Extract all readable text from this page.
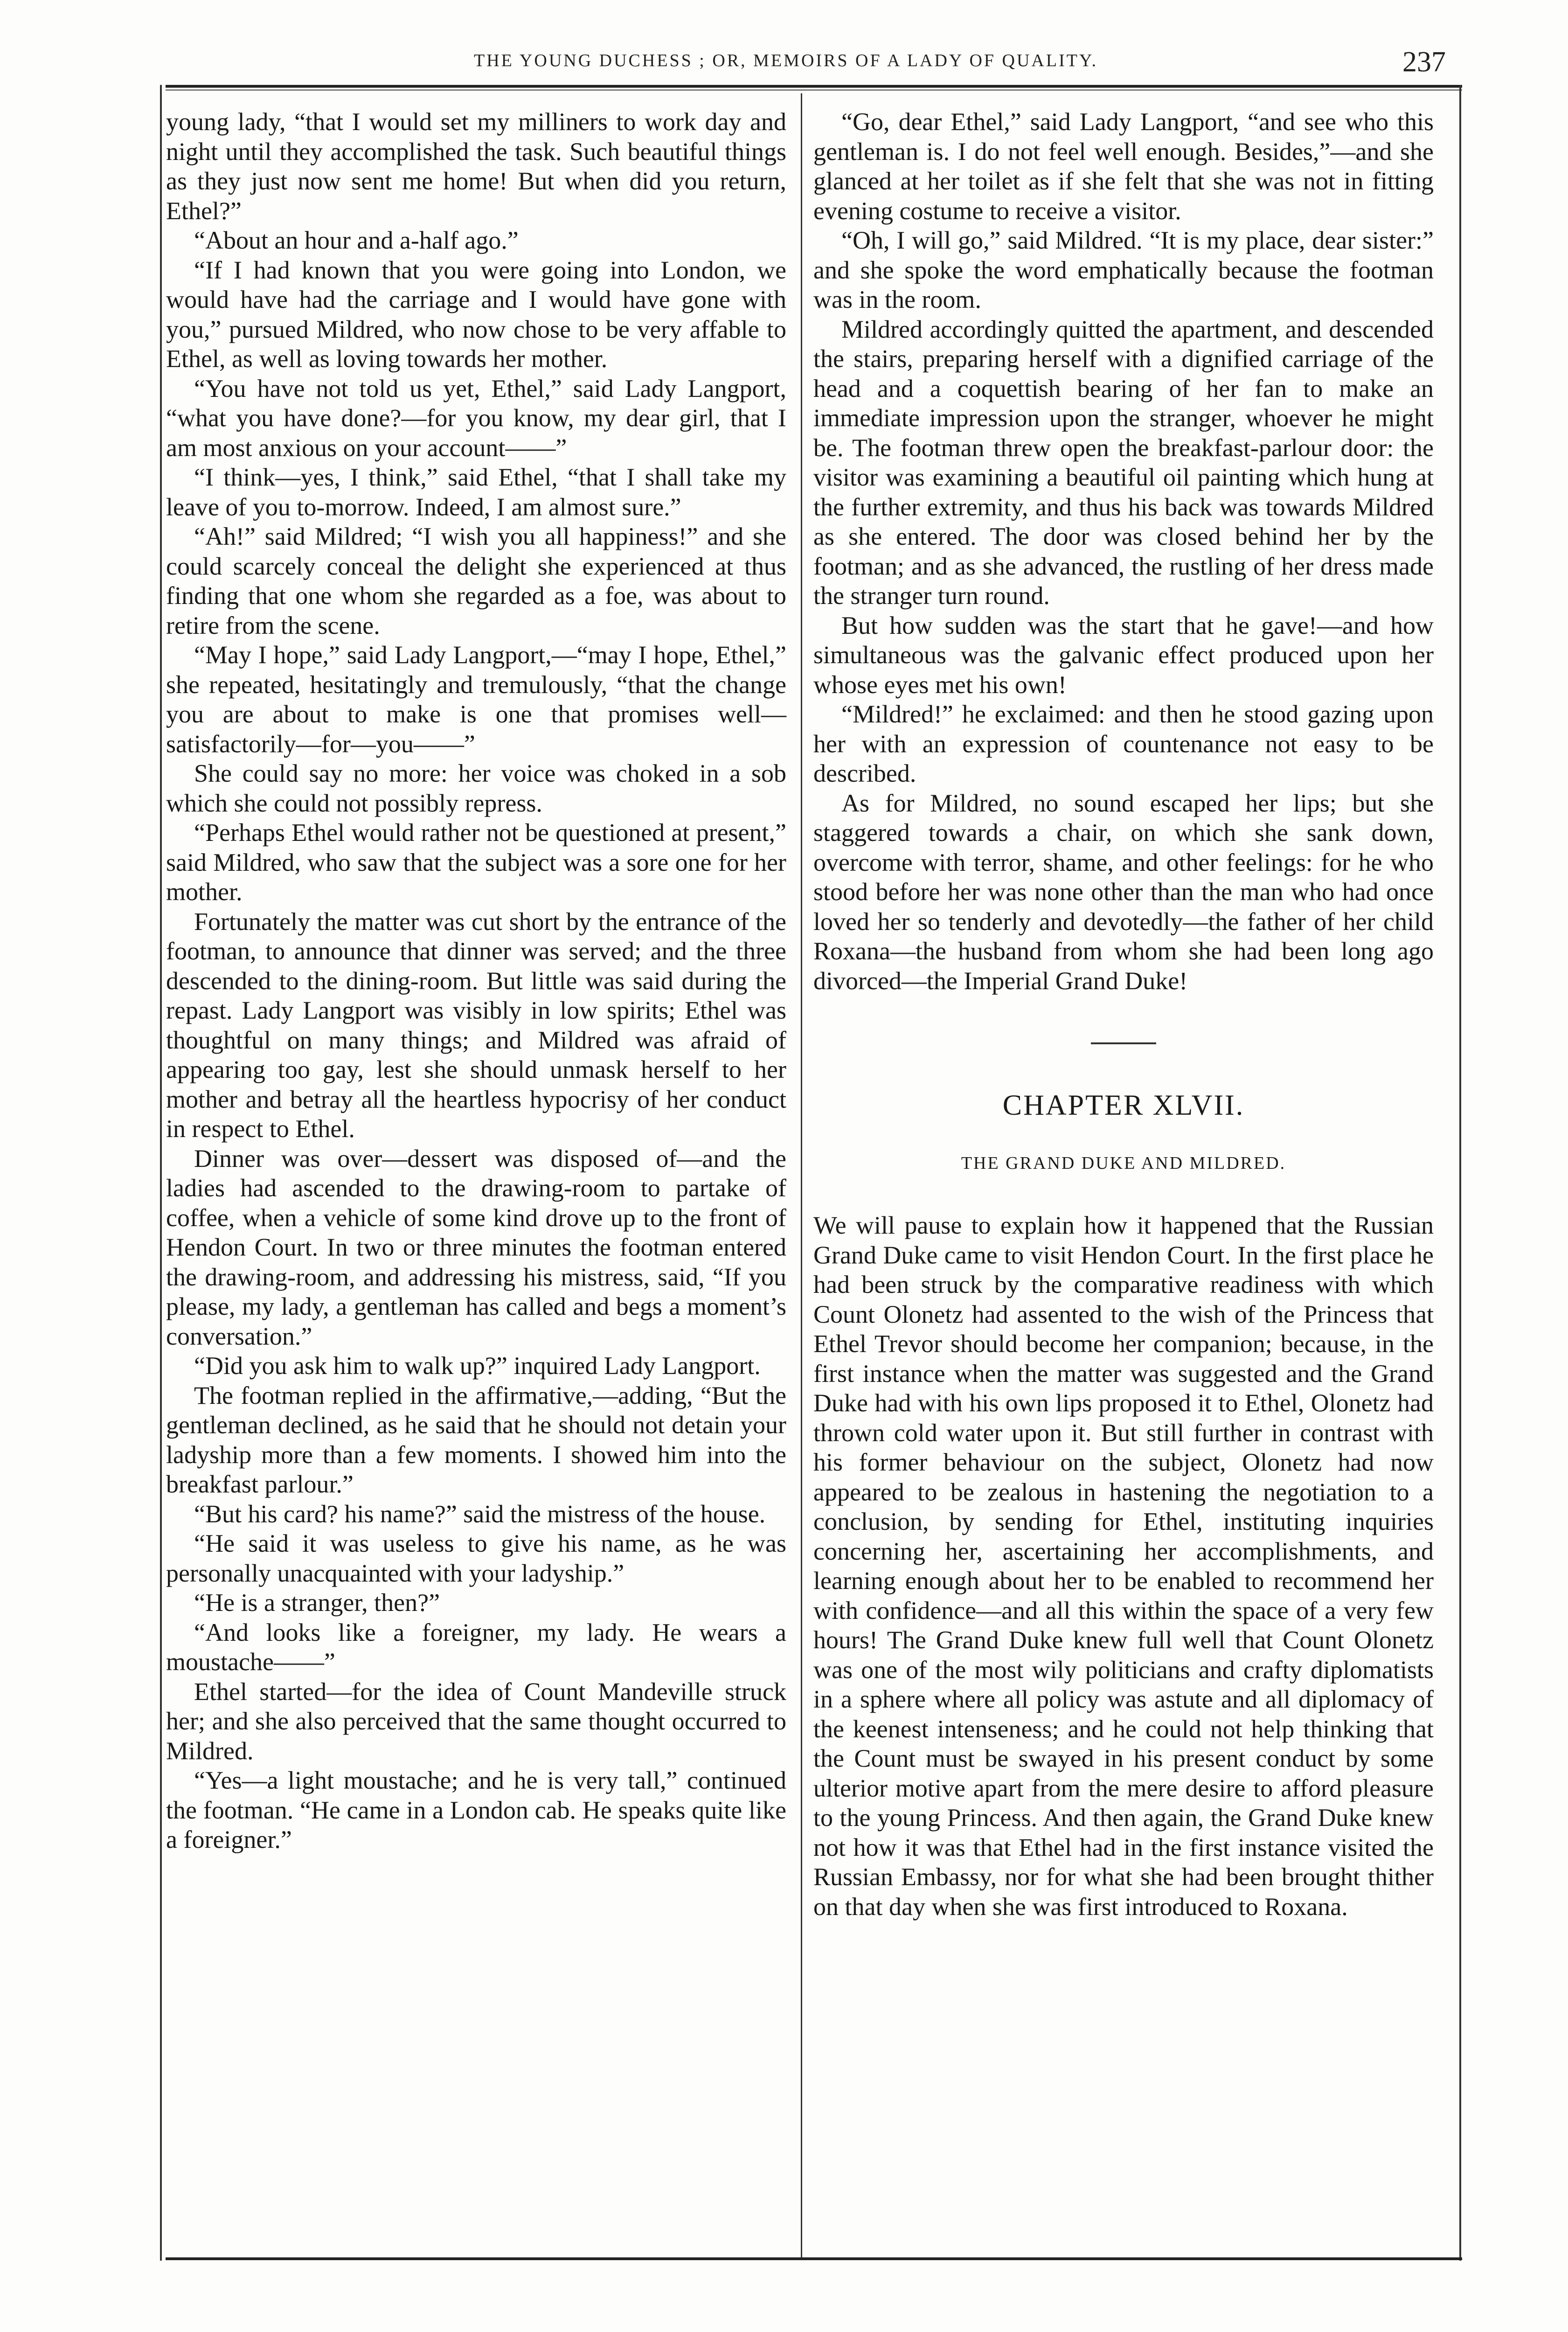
THE YOUNG DUCHESS ; OR, MEMOIRS OF A LADY OF QUALITY.	237

young lady, “that I would set my milliners to work day and night until they accomplished the task. Such beautiful things as they just now sent me home! But when did you return, Ethel?”

“About an hour and a-half ago.”

“If I had known that you were going into London, we would have had the carriage and I would have gone with you,” pursued Mildred, who now chose to be very affable to Ethel, as well as loving towards her mother.

“You have not told us yet, Ethel,” said Lady Langport, “what you have done?—for you know, my dear girl, that I am most anxious on your account——”

“I think—yes, I think,” said Ethel, “that I shall take my leave of you to-morrow. Indeed, I am almost sure.”

“Ah!” said Mildred; “I wish you all happiness!” and she could scarcely conceal the delight she experienced at thus finding that one whom she regarded as a foe, was about to retire from the scene.

“May I hope,” said Lady Langport,—“may I hope, Ethel,” she repeated, hesitatingly and tremulously, “that the change you are about to make is one that promises well—satisfactorily—for—you——”

She could say no more: her voice was choked in a sob which she could not possibly repress.

“Perhaps Ethel would rather not be questioned at present,” said Mildred, who saw that the subject was a sore one for her mother.

Fortunately the matter was cut short by the entrance of the footman, to announce that dinner was served; and the three descended to the dining-room. But little was said during the repast. Lady Langport was visibly in low spirits; Ethel was thoughtful on many things; and Mildred was afraid of appearing too gay, lest she should unmask herself to her mother and betray all the heartless hypocrisy of her conduct in respect to Ethel.

Dinner was over—dessert was disposed of—and the ladies had ascended to the drawing-room to partake of coffee, when a vehicle of some kind drove up to the front of Hendon Court. In two or three minutes the footman entered the drawing-room, and addressing his mistress, said, “If you please, my lady, a gentleman has called and begs a moment’s conversation.”

“Did you ask him to walk up?” inquired Lady Langport.

The footman replied in the affirmative,—adding, “But the gentleman declined, as he said that he should not detain your ladyship more than a few moments. I showed him into the breakfast parlour.”

“But his card? his name?” said the mistress of the house.

“He said it was useless to give his name, as he was personally unacquainted with your ladyship.”

“He is a stranger, then?”

“And looks like a foreigner, my lady. He wears a moustache——”

Ethel started—for the idea of Count Mandeville struck her; and she also perceived that the same thought occurred to Mildred.

“Yes—a light moustache; and he is very tall,” continued the footman. “He came in a London cab. He speaks quite like a foreigner.”

“Go, dear Ethel,” said Lady Langport, “and see who this gentleman is. I do not feel well enough. Besides,”—and she glanced at her toilet as if she felt that she was not in fitting evening costume to receive a visitor.

“Oh, I will go,” said Mildred. “It is my place, dear sister:” and she spoke the word emphatically because the footman was in the room.

Mildred accordingly quitted the apartment, and descended the stairs, preparing herself with a dignified carriage of the head and a coquettish bearing of her fan to make an immediate impression upon the stranger, whoever he might be. The footman threw open the breakfast-parlour door: the visitor was examining a beautiful oil painting which hung at the further extremity, and thus his back was towards Mildred as she entered. The door was closed behind her by the footman; and as she advanced, the rustling of her dress made the stranger turn round.

But how sudden was the start that he gave!—and how simultaneous was the galvanic effect produced upon her whose eyes met his own!

“Mildred!” he exclaimed: and then he stood gazing upon her with an expression of countenance not easy to be described.

As for Mildred, no sound escaped her lips; but she staggered towards a chair, on which she sank down, overcome with terror, shame, and other feelings: for he who stood before her was none other than the man who had once loved her so tenderly and devotedly—the father of her child Roxana—the husband from whom she had been long ago divorced—the Imperial Grand Duke!

CHAPTER XLVII.
THE GRAND DUKE AND MILDRED.

We will pause to explain how it happened that the Russian Grand Duke came to visit Hendon Court. In the first place he had been struck by the comparative readiness with which Count Olonetz had assented to the wish of the Princess that Ethel Trevor should become her companion; because, in the first instance when the matter was suggested and the Grand Duke had with his own lips proposed it to Ethel, Olonetz had thrown cold water upon it. But still further in contrast with his former behaviour on the subject, Olonetz had now appeared to be zealous in hastening the negotiation to a conclusion, by sending for Ethel, instituting inquiries concerning her, ascertaining her accomplishments, and learning enough about her to be enabled to recommend her with confidence—and all this within the space of a very few hours! The Grand Duke knew full well that Count Olonetz was one of the most wily politicians and crafty diplomatists in a sphere where all policy was astute and all diplomacy of the keenest intenseness; and he could not help thinking that the Count must be swayed in his present conduct by some ulterior motive apart from the mere desire to afford pleasure to the young Princess. And then again, the Grand Duke knew not how it was that Ethel had in the first instance visited the Russian Embassy, nor for what she had been brought thither on that day when she was first introduced to Roxana.
